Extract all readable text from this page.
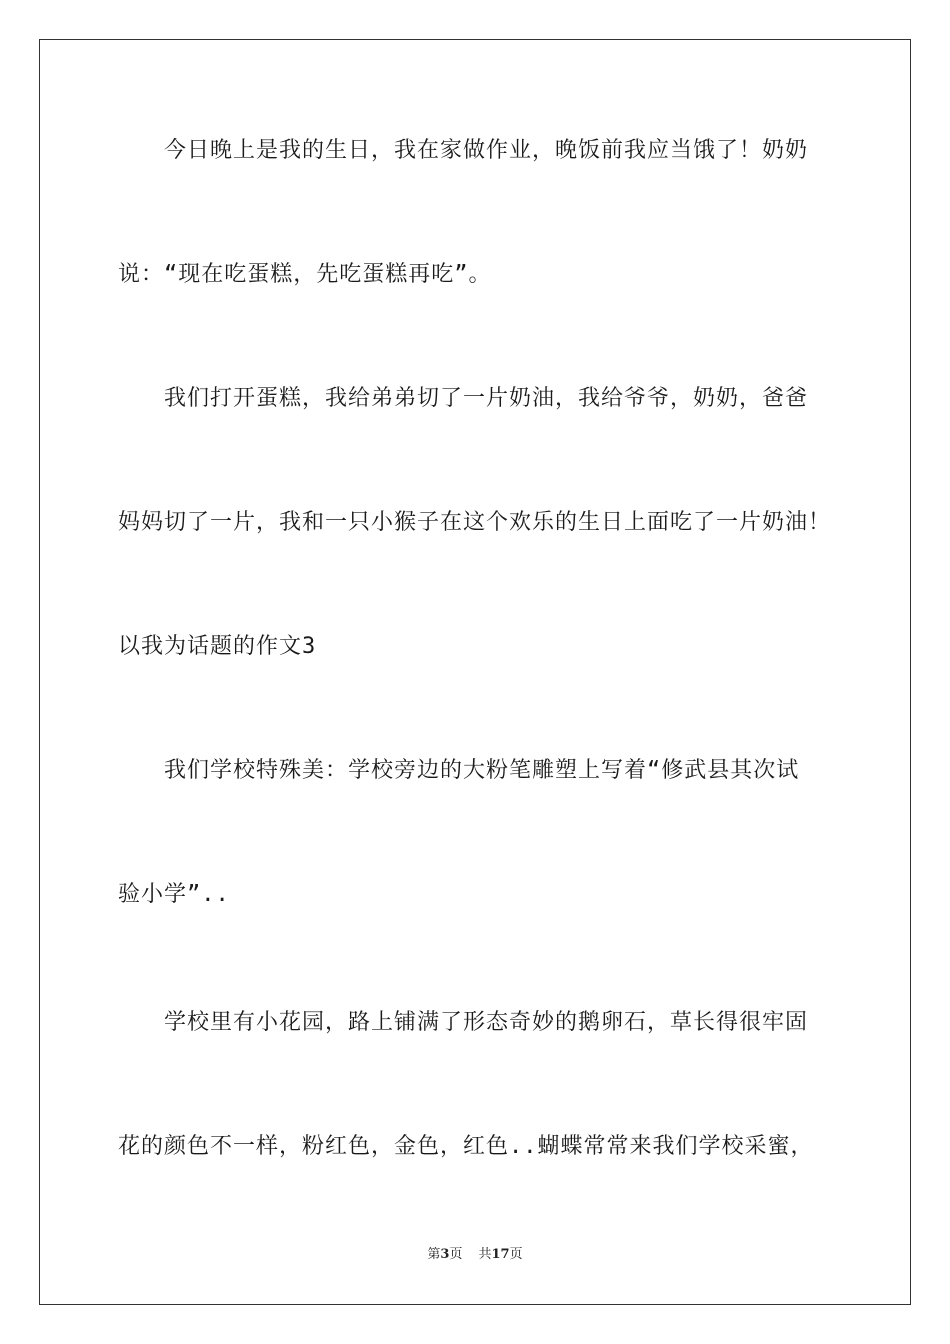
今日晚上是我的生日，我在家做作业，晚饭前我应当饿了！奶奶
说：“现在吃蛋糕，先吃蛋糕再吃”。
我们打开蛋糕，我给弟弟切了一片奶油，我给爷爷，奶奶，爸爸
妈妈切了一片，我和一只小猴子在这个欢乐的生日上面吃了一片奶油！
以我为话题的作文3
我们学校特殊美：学校旁边的大粉笔雕塑上写着“修武县其次试
验小学”..
学校里有小花园，路上铺满了形态奇妙的鹅卵石，草长得很牢固
花的颜色不一样，粉红色，金色，红色..蝴蝶常常来我们学校采蜜，
第3页 共17页
